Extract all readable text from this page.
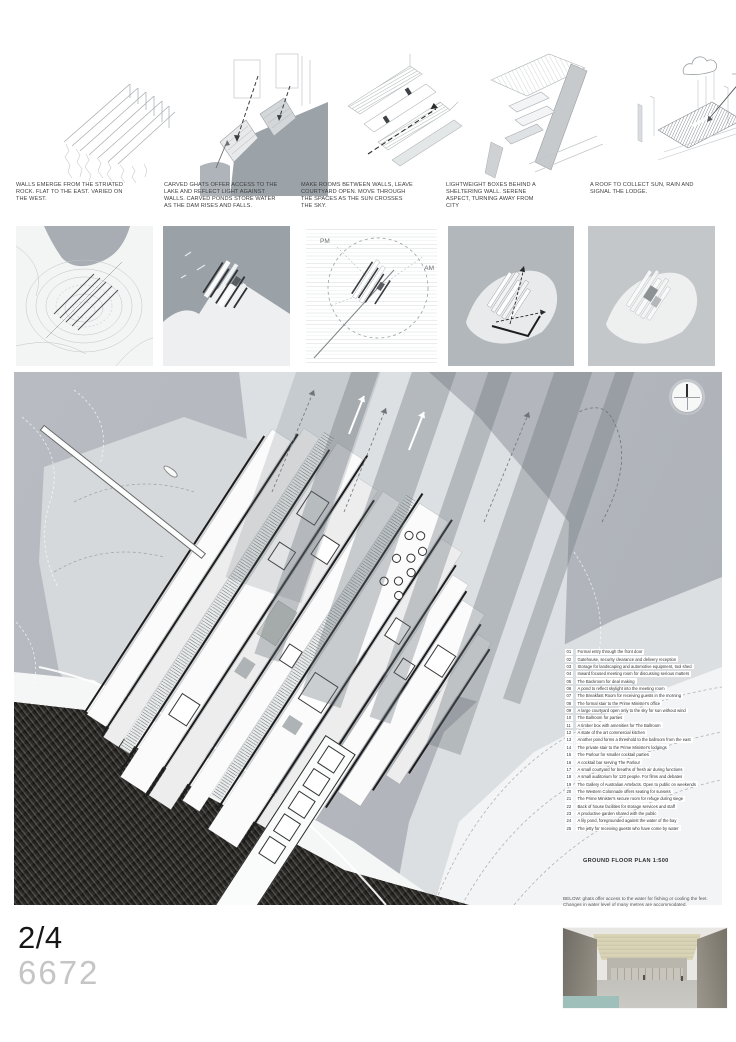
WALLS EMERGE FROM THE STRIATED ROCK. FLAT TO THE EAST. VARIED ON THE WEST.

CARVED GHATS OFFER ACCESS TO THE LAKE AND REFLECT LIGHT AGAINST WALLS. CARVED PONDS STORE WATER AS THE DAM RISES AND FALLS.

MAKE ROOMS BETWEEN WALLS, LEAVE COURTYARD OPEN. MOVE THROUGH THE SPACES AS THE SUN CROSSES THE SKY.

LIGHTWEIGHT BOXES BEHIND A SHELTERING WALL. SERENE ASPECT, TURNING AWAY FROM CITY

A ROOF TO COLLECT SUN, RAIN AND SIGNAL THE LODGE.

PM
AM
01	Formal entry through the front door
02	Gatehouse, security clearance and delivery reception
03	Storage for landscaping and automotive equipment, tool shed
04	Inward focused meeting room for discussing serious matters
05	The Backroom for deal making
06	A pond to reflect skylight into the meeting room
07	The Breakfast Room for receiving guests in the morning
08	The formal stair to the Prime Minister's office
09	A large courtyard open only to the sky for sun without wind
10	The Ballroom for parties
11	A timber box with amenities for The Ballroom
12	A state of the art commercial kitchen
13	Another pond forms a threshold to the ballroom from the east
14	The private stair to the Prime Minister's lodgings
15	The Parlour for smaller cocktail parties
16	A cocktail bar serving The Parlour
17	A small courtyard for breaths of fresh air during functions
18	A small auditorium for 120 people. For films and debates
19	The Gallery of Australian Artefacts. Open to public on weekends
20	The Western Colonnade offers seating for sunsets
21	The Prime Minister's secure room for refuge during siege
22	Back of house facilities for storage services and staff
23	A productive garden shared with the public
24	A lily pond, foregrounded against the water of the bay
25	The jetty for receiving guests who have come by water

GROUND FLOOR PLAN 1:500

BELOW: ghats offer access to the water for fishing or cooling the feet. Changes in water level of many metres are accommodated.

2/4

6672
